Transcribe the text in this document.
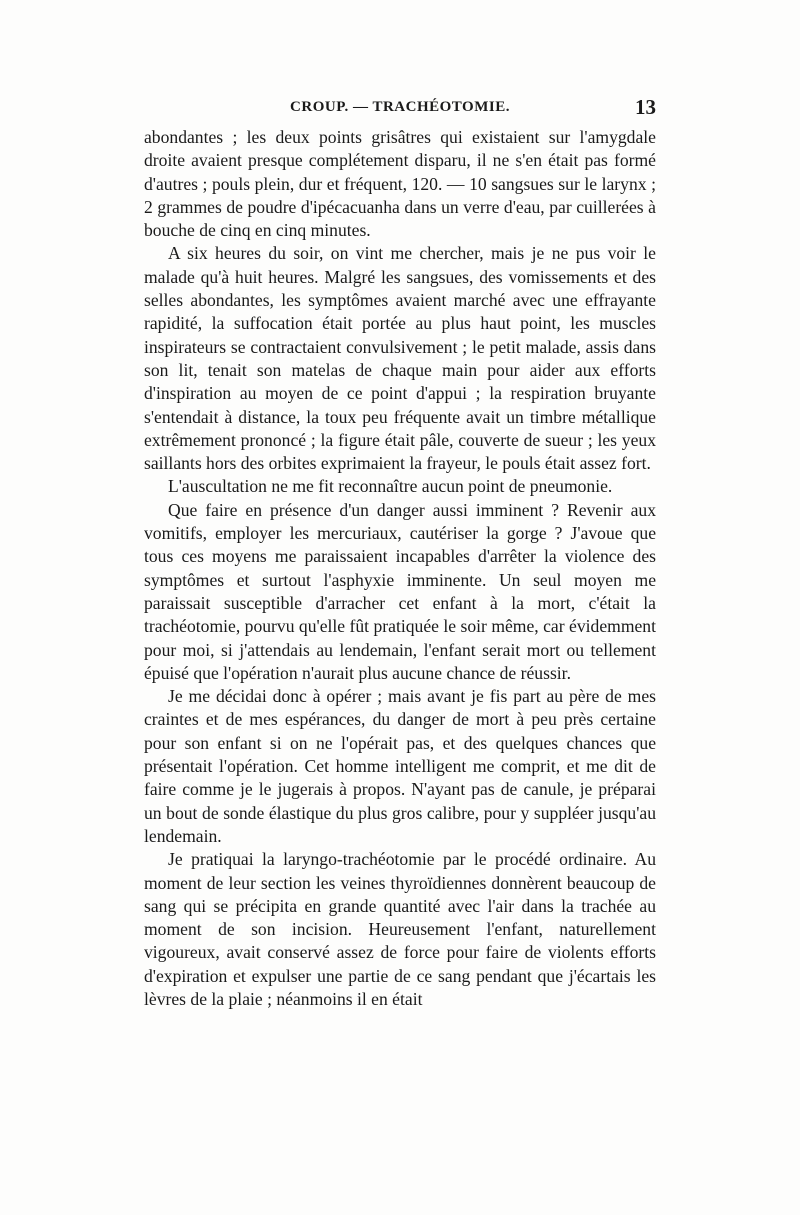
CROUP. — TRACHÉOTOMIE.	13

abondantes ; les deux points grisâtres qui existaient sur l'amygdale droite avaient presque complétement disparu, il ne s'en était pas formé d'autres ; pouls plein, dur et fréquent, 120. — 10 sangsues sur le larynx ; 2 grammes de poudre d'ipécacuanha dans un verre d'eau, par cuillerées à bouche de cinq en cinq minutes.

A six heures du soir, on vint me chercher, mais je ne pus voir le malade qu'à huit heures. Malgré les sangsues, des vomissements et des selles abondantes, les symptômes avaient marché avec une effrayante rapidité, la suffocation était portée au plus haut point, les muscles inspirateurs se contractaient convulsivement ; le petit malade, assis dans son lit, tenait son matelas de chaque main pour aider aux efforts d'inspiration au moyen de ce point d'appui ; la respiration bruyante s'entendait à distance, la toux peu fréquente avait un timbre métallique extrêmement prononcé ; la figure était pâle, couverte de sueur ; les yeux saillants hors des orbites exprimaient la frayeur, le pouls était assez fort.

L'auscultation ne me fit reconnaître aucun point de pneumonie.

Que faire en présence d'un danger aussi imminent ? Revenir aux vomitifs, employer les mercuriaux, cautériser la gorge ? J'avoue que tous ces moyens me paraissaient incapables d'arrêter la violence des symptômes et surtout l'asphyxie imminente. Un seul moyen me paraissait susceptible d'arracher cet enfant à la mort, c'était la trachéotomie, pourvu qu'elle fût pratiquée le soir même, car évidemment pour moi, si j'attendais au lendemain, l'enfant serait mort ou tellement épuisé que l'opération n'aurait plus aucune chance de réussir.

Je me décidai donc à opérer ; mais avant je fis part au père de mes craintes et de mes espérances, du danger de mort à peu près certaine pour son enfant si on ne l'opérait pas, et des quelques chances que présentait l'opération. Cet homme intelligent me comprit, et me dit de faire comme je le jugerais à propos. N'ayant pas de canule, je préparai un bout de sonde élastique du plus gros calibre, pour y suppléer jusqu'au lendemain.

Je pratiquai la laryngo-trachéotomie par le procédé ordinaire. Au moment de leur section les veines thyroïdiennes donnèrent beaucoup de sang qui se précipita en grande quantité avec l'air dans la trachée au moment de son incision. Heureusement l'enfant, naturellement vigoureux, avait conservé assez de force pour faire de violents efforts d'expiration et expulser une partie de ce sang pendant que j'écartais les lèvres de la plaie ; néanmoins il en était
